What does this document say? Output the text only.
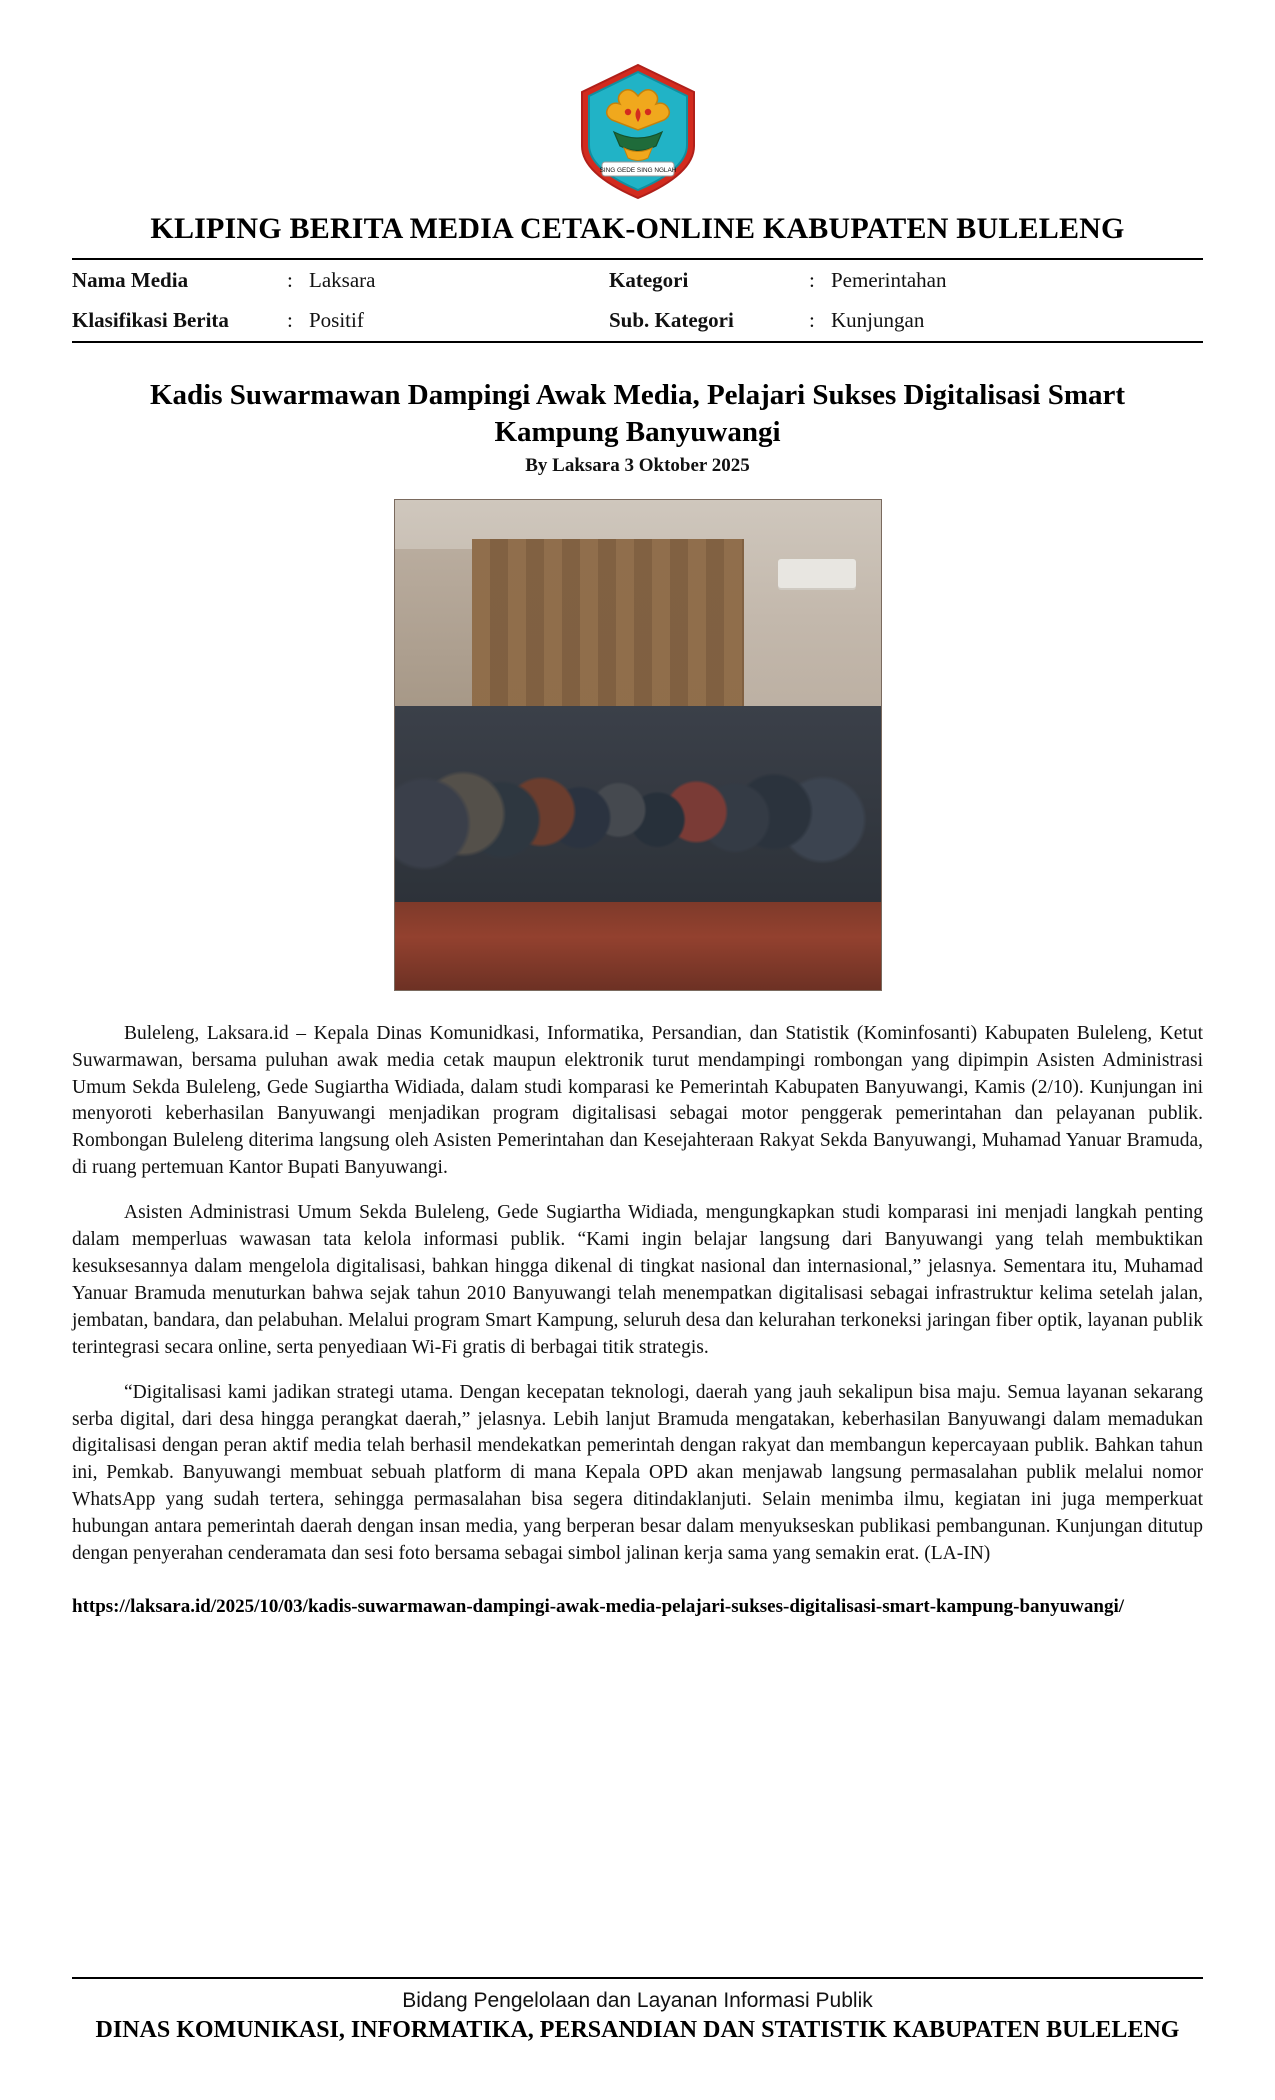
SING GEDE SING NGLAH
KLIPING BERITA MEDIA CETAK-ONLINE KABUPATEN BULELENG
Nama Media	:	Laksara	Kategori	:	Pemerintahan
Klasifikasi Berita	:	Positif	Sub. Kategori	:	Kunjungan
Kadis Suwarmawan Dampingi Awak Media, Pelajari Sukses Digitalisasi Smart Kampung Banyuwangi
By Laksara 3 Oktober 2025

Buleleng, Laksara.id – Kepala Dinas Komunidkasi, Informatika, Persandian, dan Statistik (Kominfosanti) Kabupaten Buleleng, Ketut Suwarmawan, bersama puluhan awak media cetak maupun elektronik turut mendampingi rombongan yang dipimpin Asisten Administrasi Umum Sekda Buleleng, Gede Sugiartha Widiada, dalam studi komparasi ke Pemerintah Kabupaten Banyuwangi, Kamis (2/10). Kunjungan ini menyoroti keberhasilan Banyuwangi menjadikan program digitalisasi sebagai motor penggerak pemerintahan dan pelayanan publik. Rombongan Buleleng diterima langsung oleh Asisten Pemerintahan dan Kesejahteraan Rakyat Sekda Banyuwangi, Muhamad Yanuar Bramuda, di ruang pertemuan Kantor Bupati Banyuwangi.

Asisten Administrasi Umum Sekda Buleleng, Gede Sugiartha Widiada, mengungkapkan studi komparasi ini menjadi langkah penting dalam memperluas wawasan tata kelola informasi publik. “Kami ingin belajar langsung dari Banyuwangi yang telah membuktikan kesuksesannya dalam mengelola digitalisasi, bahkan hingga dikenal di tingkat nasional dan internasional,” jelasnya. Sementara itu, Muhamad Yanuar Bramuda menuturkan bahwa sejak tahun 2010 Banyuwangi telah menempatkan digitalisasi sebagai infrastruktur kelima setelah jalan, jembatan, bandara, dan pelabuhan. Melalui program Smart Kampung, seluruh desa dan kelurahan terkoneksi jaringan fiber optik, layanan publik terintegrasi secara online, serta penyediaan Wi-Fi gratis di berbagai titik strategis.

“Digitalisasi kami jadikan strategi utama. Dengan kecepatan teknologi, daerah yang jauh sekalipun bisa maju. Semua layanan sekarang serba digital, dari desa hingga perangkat daerah,” jelasnya. Lebih lanjut Bramuda mengatakan, keberhasilan Banyuwangi dalam memadukan digitalisasi dengan peran aktif media telah berhasil mendekatkan pemerintah dengan rakyat dan membangun kepercayaan publik. Bahkan tahun ini, Pemkab. Banyuwangi membuat sebuah platform di mana Kepala OPD akan menjawab langsung permasalahan publik melalui nomor WhatsApp yang sudah tertera, sehingga permasalahan bisa segera ditindaklanjuti. Selain menimba ilmu, kegiatan ini juga memperkuat hubungan antara pemerintah daerah dengan insan media, yang berperan besar dalam menyukseskan publikasi pembangunan. Kunjungan ditutup dengan penyerahan cenderamata dan sesi foto bersama sebagai simbol jalinan kerja sama yang semakin erat. (LA-IN)

https://laksara.id/2025/10/03/kadis-suwarmawan-dampingi-awak-media-pelajari-sukses-digitalisasi-smart-kampung-banyuwangi/
Bidang Pengelolaan dan Layanan Informasi Publik
DINAS KOMUNIKASI, INFORMATIKA, PERSANDIAN DAN STATISTIK KABUPATEN BULELENG
